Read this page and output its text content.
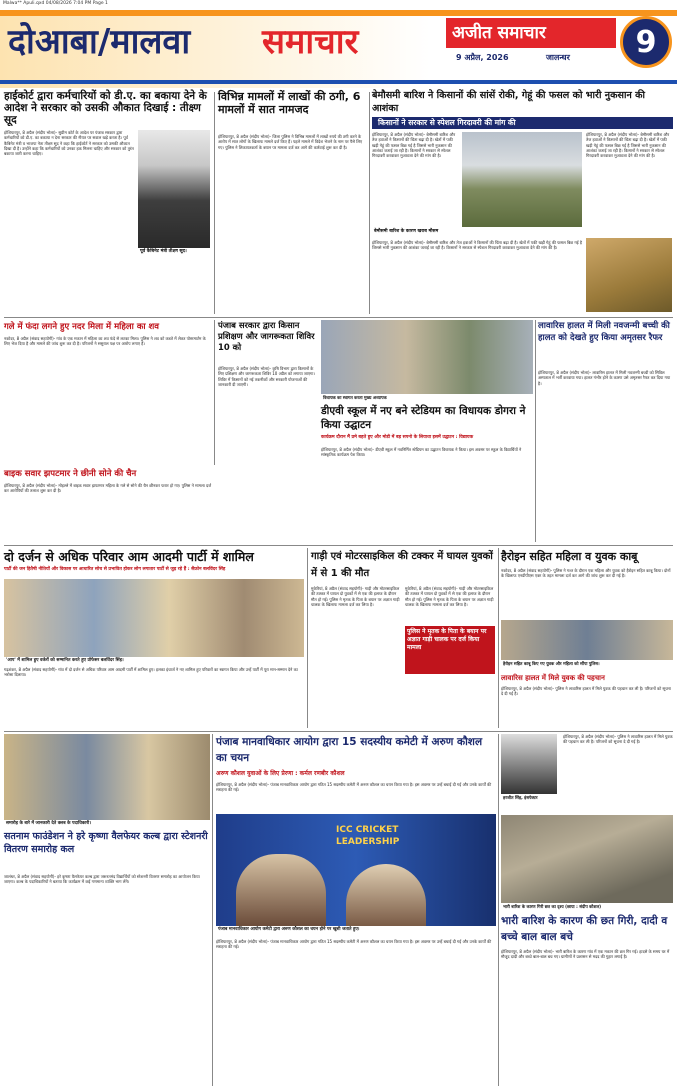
Malwa** Apuli.qxd 04/08/2026 7:04 PM Page 1
दोआबा/मालवा	समाचार	अजीत समाचार
9 अप्रैल, 2026	जालन्धर	9
हाईकोर्ट द्वारा कर्मचारियों को डी.ए. का बकाया देने के आदेश ने सरकार को उसकी औकात दिखाई : तीक्ष्ण सूद
होशियारपुर, 8 अप्रैल (संदीप भोला)- सुप्रीम कोर्ट के आदेश पर पंजाब सरकार द्वारा कर्मचारियों को डी.ए. का बकाया न देना सरकार की नीयत पर सवाल खड़े करता है। पूर्व कैबिनेट मंत्री व भाजपा नेता तीक्ष्ण सूद ने कहा कि हाईकोर्ट ने सरकार को उसकी औकात दिखा दी है। उन्होंने कहा कि कर्मचारियों को उनका हक मिलना चाहिए और सरकार को तुरंत बकाया जारी करना चाहिए।
पूर्व कैबिनेट मंत्री तीक्ष्ण सूद।
विभिन्न मामलों में लाखों की ठगी, 6 मामलों में सात नामजद
होशियारपुर, 8 अप्रैल (संदीप भोला)- जिला पुलिस ने विभिन्न मामलों में लाखों रुपये की ठगी करने के आरोप में सात लोगों के खिलाफ मामले दर्ज किए हैं। पहले मामले में विदेश भेजने के नाम पर पैसे लिए गए। पुलिस ने शिकायतकर्ता के बयान पर मामला दर्ज कर आगे की कार्रवाई शुरू कर दी है।
बेमौसमी बारिश ने किसानों की सांसें रोकी, गेहूं की फसल को भारी नुकसान की आशंका
किसानों ने सरकार से स्पेशल गिरदावरी की मांग की
होशियारपुर, 8 अप्रैल (संदीप भोला)- बेमौसमी बारिश और तेज हवाओं ने किसानों की चिंता बढ़ा दी है। खेतों में पकी खड़ी गेहूं की फसल बिछ गई है जिससे भारी नुकसान की आशंका जताई जा रही है। किसानों ने सरकार से स्पेशल गिरदावरी करवाकर मुआवजा देने की मांग की है।
होशियारपुर, 8 अप्रैल (संदीप भोला)- बेमौसमी बारिश और तेज हवाओं ने किसानों की चिंता बढ़ा दी है। खेतों में पकी खड़ी गेहूं की फसल बिछ गई है जिससे भारी नुकसान की आशंका जताई जा रही है। किसानों ने सरकार से स्पेशल गिरदावरी करवाकर मुआवजा देने की मांग की है।
बेमौसमी बारिश के कारण खराब मौसम
होशियारपुर, 8 अप्रैल (संदीप भोला)- बेमौसमी बारिश और तेज हवाओं ने किसानों की चिंता बढ़ा दी है। खेतों में पकी खड़ी गेहूं की फसल बिछ गई है जिससे भारी नुकसान की आशंका जताई जा रही है। किसानों ने सरकार से स्पेशल गिरदावरी करवाकर मुआवजा देने की मांग की है।
गले में फंदा लगने हुए नदर मिला में महिला का शव
नकोदर, 8 अप्रैल (संवाद सहयोगी)- गांव के एक मकान में महिला का शव फंदे से लटका मिला। पुलिस ने शव को कब्जे में लेकर पोस्टमार्टम के लिए भेज दिया है और मामले की जांच शुरू कर दी है। परिजनों ने ससुराल पक्ष पर आरोप लगाए हैं।
पंजाब सरकार द्वारा किसान प्रशिक्षण और जागरूकता शिविर 10 को
होशियारपुर, 8 अप्रैल (संदीप भोला)- कृषि विभाग द्वारा किसानों के लिए प्रशिक्षण और जागरूकता शिविर 10 अप्रैल को लगाया जाएगा। शिविर में किसानों को नई तकनीकों और सरकारी योजनाओं की जानकारी दी जाएगी।
विधायक का स्वागत करता मुख्य अध्यापक
डीएवी स्कूल में नए बने स्टेडियम का विधायक डोगरा ने किया उद्घाटन
कार्यक्रम दौरान मैं प्रमे बहते हुए और मोडी में बड़ सपनो के लियाधा इसमें उद्घाटन : विद्यायक
होशियारपुर, 8 अप्रैल (संदीप भोला)- डीएवी स्कूल में नवनिर्मित स्टेडियम का उद्घाटन विधायक ने किया। इस अवसर पर स्कूल के विद्यार्थियों ने सांस्कृतिक कार्यक्रम पेश किया।
लावारिस हालत में मिली नवजन्मी बच्ची की हालत को देखते हुए किया अमृतसर रैफर
होशियारपुर, 8 अप्रैल (संदीप भोला)- लावारिस हालत में मिली नवजन्मी बच्ची को सिविल अस्पताल में भर्ती करवाया गया। हालत गंभीर होने के कारण उसे अमृतसर रैफर कर दिया गया है।
बाइक सवार झपटमार ने छीनी सोने की चैन
होशियारपुर, 8 अप्रैल (संदीप भोला)- मोहल्ले में बाइक सवार झपटमार महिला के गले से सोने की चैन छीनकर फरार हो गए। पुलिस ने मामला दर्ज कर आरोपियों की तलाश शुरू कर दी है।
दो दर्जन से अधिक परिवार आम आदमी पार्टी में शामिल
पार्टी की जन हितैषी नीतियों और विकास पर आधारित सोच से प्रभावित होकर लोग लगातार पार्टी से जुड़ रहे हैं : सैफ्रोन बलविंदर सिंह
'आप' में शामिल हुए वर्करों को सम्मानित करते हुए प्रोफेसर बलविंदर सिंह।
गढ़शंकर, 8 अप्रैल (संवाद सहयोगी)- गांव में दो दर्जन से अधिक परिवार आम आदमी पार्टी में शामिल हुए। हलका इंचार्ज ने नए शामिल हुए परिवारों का स्वागत किया और उन्हें पार्टी में पूरा मान-सम्मान देने का भरोसा दिलाया।
गाड़ी एवं मोटरसाइकिल की टक्कर में घायल युवकों में से 1 की मौत
मुकेरियां, 8 अप्रैल (संवाद सहयोगी)- गाड़ी और मोटरसाइकिल की टक्कर में घायल दो युवकों में से एक की इलाज के दौरान मौत हो गई। पुलिस ने मृतक के पिता के बयान पर अज्ञात गाड़ी चालक के खिलाफ मामला दर्ज कर लिया है।
पुलिस ने मृतक के पिता के बयान पर अज्ञात गाड़ी चालक पर दर्ज किया मामला
मुकेरियां, 8 अप्रैल (संवाद सहयोगी)- गाड़ी और मोटरसाइकिल की टक्कर में घायल दो युवकों में से एक की इलाज के दौरान मौत हो गई। पुलिस ने मृतक के पिता के बयान पर अज्ञात गाड़ी चालक के खिलाफ मामला दर्ज कर लिया है।
हैरोइन सहित महिला व युवक काबू
नकोदर, 8 अप्रैल (संवाद सहयोगी)- पुलिस ने गश्त के दौरान एक महिला और युवक को हैरोइन सहित काबू किया। दोनों के खिलाफ एनडीपीएस एक्ट के तहत मामला दर्ज कर आगे की जांच शुरू कर दी गई है।
हैरोइन सहित काबू किए गए युवक और महिला को सौंपा पुलिस।
समारोह के बारे में जानकारी देते क्लब के पदाधिकारी।
सतनाम फाउंडेशन ने हरे कृष्णा वैलफेयर कल्ब द्वारा स्टेशनरी वितरण समारोह कल
जालंधर, 8 अप्रैल (संवाद सहयोगी)- हरे कृष्णा वैलफेयर कल्ब द्वारा जरूरतमंद विद्यार्थियों को स्टेशनरी वितरण समारोह का आयोजन किया जाएगा। कल्ब के पदाधिकारियों ने बताया कि कार्यक्रम में कई गणमान्य व्यक्ति भाग लेंगे।
पंजाब मानवाधिकार आयोग द्वारा 15 सदस्यीय कमेटी में अरुण कौशल का चयन
अरुण कौशल युवाओं के लिए प्रेरणा : कर्मल रणबीर कौशल
होशियारपुर, 8 अप्रैल (संदीप भोला)- पंजाब मानवाधिकार आयोग द्वारा गठित 15 सदस्यीय कमेटी में अरुण कौशल का चयन किया गया है। इस अवसर पर उन्हें बधाई दी गई और उनके कार्यों की सराहना की गई।
ICC CRICKET
LEADERSHIP
पंजाब मानवाधिकार आयोग कमेटी द्वारा अरुण कौशल का चयन होने पर खुशी जताते हुए।
होशियारपुर, 8 अप्रैल (संदीप भोला)- पंजाब मानवाधिकार आयोग द्वारा गठित 15 सदस्यीय कमेटी में अरुण कौशल का चयन किया गया है। इस अवसर पर उन्हें बधाई दी गई और उनके कार्यों की सराहना की गई।
लावारिस हालत में मिले युवक की पहचान
होशियारपुर, 8 अप्रैल (संदीप भोला)- पुलिस ने लावारिस हालत में मिले युवक की पहचान कर ली है। परिजनों को सूचना दे दी गई है।
हरजीत सिंह, इंसपेक्टर
भारी बारिश के कारण गिरी छत का दृश्य (छाया : संदीप कौशल)
भारी बारिश के कारण की छत गिरी, दादी व बच्चे बाल बाल बचे
होशियारपुर, 8 अप्रैल (संदीप भोला)- भारी बारिश के कारण गांव में एक मकान की छत गिर गई। हादसे के समय घर में मौजूद दादी और बच्चे बाल-बाल बच गए। ग्रामीणों ने प्रशासन से मदद की गुहार लगाई है।
होशियारपुर, 8 अप्रैल (संदीप भोला)- पुलिस ने लावारिस हालत में मिले युवक की पहचान कर ली है। परिजनों को सूचना दे दी गई है।
